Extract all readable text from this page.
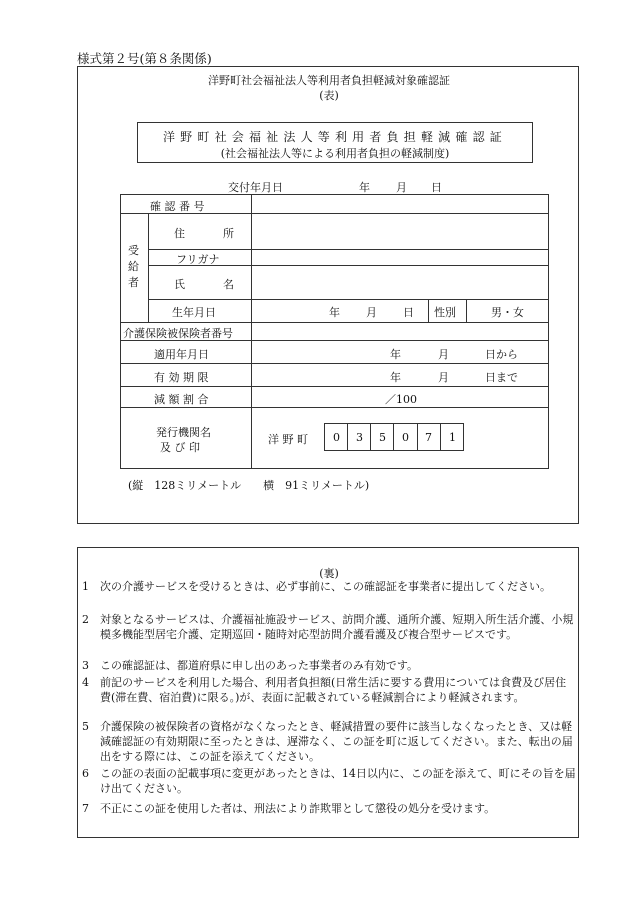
様式第２号(第８条関係)
洋野町社会福祉法人等利用者負担軽減対象確認証
(表)
洋野町社会福祉法人等利用者負担軽減確認証
(社会福祉法人等による利用者負担の軽減制度)
交付年月日	年 月 日
確 認 番 号
受
給
者
住	所
フリガナ
氏	名
生年月日	年 月 日 性別	男・女
介護保険被保険者番号
適用年月日	年	月	日から
有 効 期 限	年	月	日まで
減 額 割 合	／100
発行機関名
及 び 印
洋 野 町 0 3 5 0 7 1
(縦　128ミリメートル　　横　91ミリメートル)
(裏)
1 次の介護サービスを受けるときは、必ず事前に、この確認証を事業者に提出してください。
2 対象となるサービスは、介護福祉施設サービス、訪問介護、通所介護、短期入所生活介護、小規模多機能型居宅介護、定期巡回・随時対応型訪問介護看護及び複合型サービスです。
3 この確認証は、都道府県に申し出のあった事業者のみ有効です。
4 前記のサービスを利用した場合、利用者負担額(日常生活に要する費用については食費及び居住費(滞在費、宿泊費)に限る。)が、表面に記載されている軽減割合により軽減されます。
5 介護保険の被保険者の資格がなくなったとき、軽減措置の要件に該当しなくなったとき、又は軽減確認証の有効期限に至ったときは、遅滞なく、この証を町に返してください。また、転出の届出をする際には、この証を添えてください。
6 この証の表面の記載事項に変更があったときは、14日以内に、この証を添えて、町にその旨を届け出てください。
7 不正にこの証を使用した者は、刑法により詐欺罪として懲役の処分を受けます。
